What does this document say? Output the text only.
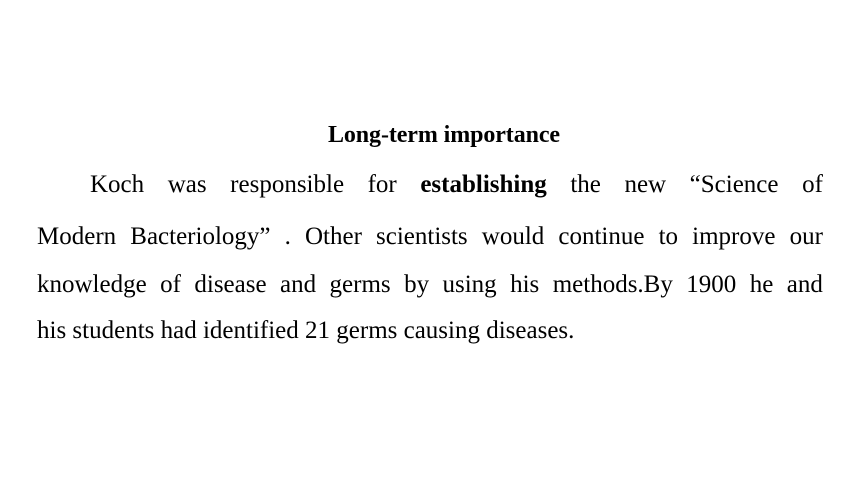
Long-term importance
Koch was responsible for establishing the new “Science of
Modern Bacteriology” . Other scientists would continue to improve our
knowledge of disease and germs by using his methods.By 1900 he and
his students had identified 21 germs causing diseases.
